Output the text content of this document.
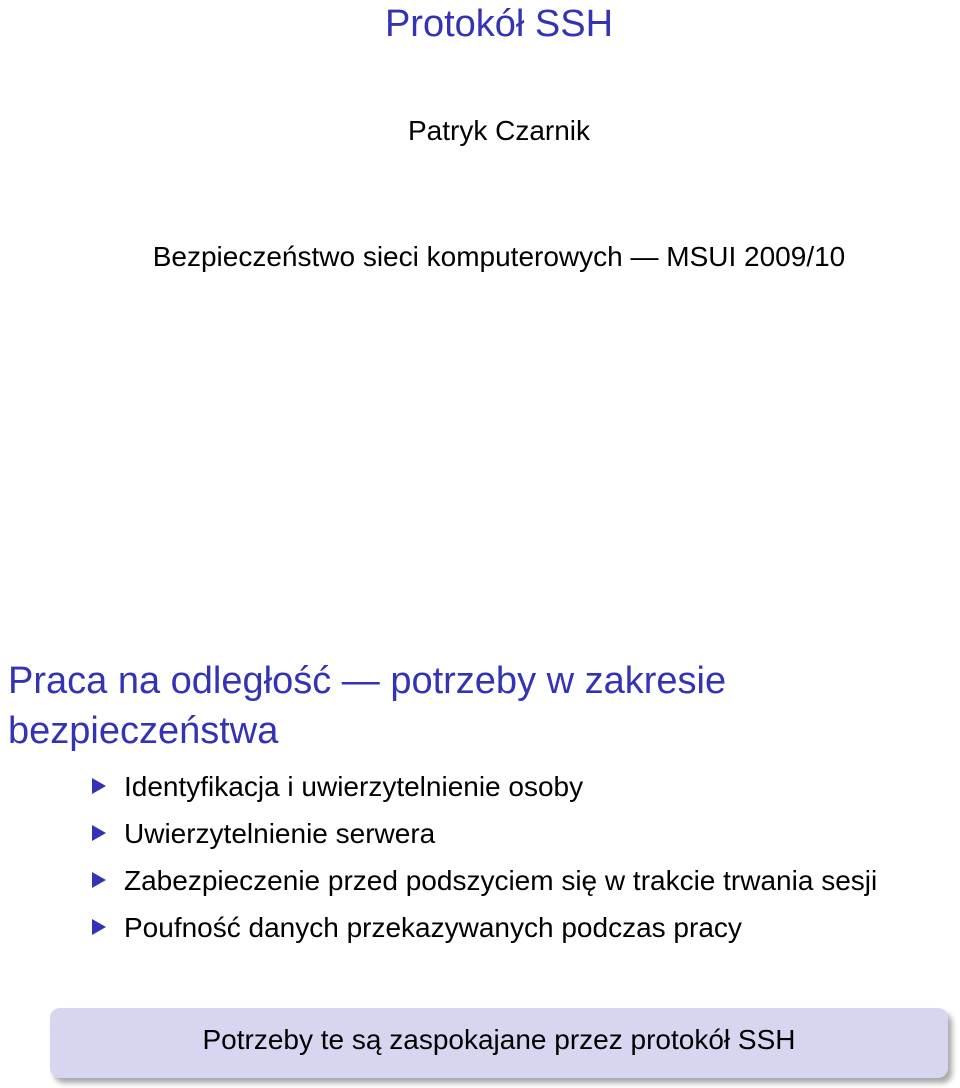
Protokół SSH
Patryk Czarnik
Bezpieczeństwo sieci komputerowych — MSUI 2009/10
Praca na odległość — potrzeby w zakresie bezpieczeństwa
Identyfikacja i uwierzytelnienie osoby
Uwierzytelnienie serwera
Zabezpieczenie przed podszyciem się w trakcie trwania sesji
Poufność danych przekazywanych podczas pracy
Potrzeby te są zaspokajane przez protokół SSH
